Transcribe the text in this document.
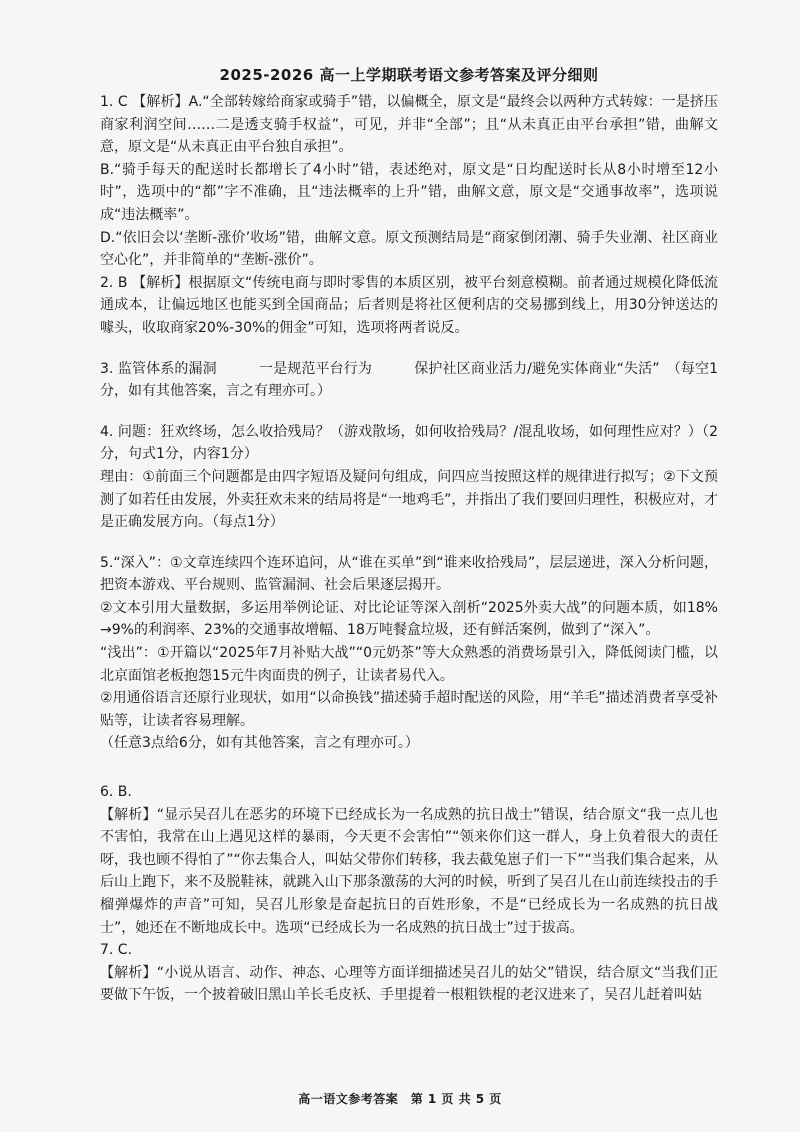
2025-2026 高一上学期联考语文参考答案及评分细则

1. C 【解析】A.“全部转嫁给商家或骑手”错，以偏概全，原文是“最终会以两种方式转嫁：一是挤压商家利润空间……二是透支骑手权益”，可见，并非“全部”；且“从未真正由平台承担”错，曲解文意，原文是“从未真正由平台独自承担”。

B.“骑手每天的配送时长都增长了4小时”错，表述绝对，原文是“日均配送时长从8小时增至12小时”，选项中的“都”字不准确，且“违法概率的上升”错，曲解文意，原文是“交通事故率”，选项说成“违法概率”。

D.“依旧会以‘垄断-涨价’收场”错，曲解文意。原文预测结局是“商家倒闭潮、骑手失业潮、社区商业空心化”，并非简单的“垄断-涨价”。

2. B 【解析】根据原文“传统电商与即时零售的本质区别，被平台刻意模糊。前者通过规模化降低流通成本，让偏远地区也能买到全国商品；后者则是将社区便利店的交易挪到线上，用30分钟送达的噱头，收取商家20%-30%的佣金”可知，选项将两者说反。

3. 监管体系的漏洞　　　一是规范平台行为　　　保护社区商业活力/避免实体商业“失活”　（每空1分，如有其他答案，言之有理亦可。）

4. 问题：狂欢终场，怎么收拾残局？（游戏散场，如何收拾残局？/混乱收场，如何理性应对？）（2分，句式1分，内容1分）

理由：①前面三个问题都是由四字短语及疑问句组成，问四应当按照这样的规律进行拟写；②下文预测了如若任由发展，外卖狂欢未来的结局将是“一地鸡毛”，并指出了我们要回归理性，积极应对，才是正确发展方向。（每点1分）

5.“深入”：①文章连续四个连环追问，从“谁在买单”到“谁来收拾残局”，层层递进，深入分析问题，把资本游戏、平台规则、监管漏洞、社会后果逐层揭开。

②文本引用大量数据，多运用举例论证、对比论证等深入剖析“2025外卖大战”的问题本质，如18%→9%的利润率、23%的交通事故增幅、18万吨餐盒垃圾，还有鲜活案例，做到了“深入”。

“浅出”：①开篇以“2025年7月补贴大战”“0元奶茶”等大众熟悉的消费场景引入，降低阅读门槛，以北京面馆老板抱怨15元牛肉面贵的例子，让读者易代入。

②用通俗语言还原行业现状，如用“以命换钱”描述骑手超时配送的风险，用“羊毛”描述消费者享受补贴等，让读者容易理解。

（任意3点给6分，如有其他答案，言之有理亦可。）

6. B.

【解析】“显示吴召儿在恶劣的环境下已经成长为一名成熟的抗日战士”错误，结合原文“我一点儿也不害怕，我常在山上遇见这样的暴雨，今天更不会害怕”“领来你们这一群人，身上负着很大的责任呀，我也顾不得怕了”“你去集合人，叫姑父带你们转移，我去截兔崽子们一下”“当我们集合起来，从后山上跑下，来不及脱鞋袜，就跳入山下那条激荡的大河的时候，听到了吴召儿在山前连续投击的手榴弹爆炸的声音”可知，吴召儿形象是奋起抗日的百姓形象，不是“已经成长为一名成熟的抗日战士”，她还在不断地成长中。选项“已经成长为一名成熟的抗日战士”过于拔高。

7. C.

【解析】“小说从语言、动作、神态、心理等方面详细描述吴召儿的姑父”错误，结合原文“当我们正要做下午饭，一个披着破旧黑山羊长毛皮袄、手里提着一根粗铁棍的老汉进来了，吴召儿赶着叫姑

高一语文参考答案　第 1 页 共 5 页
